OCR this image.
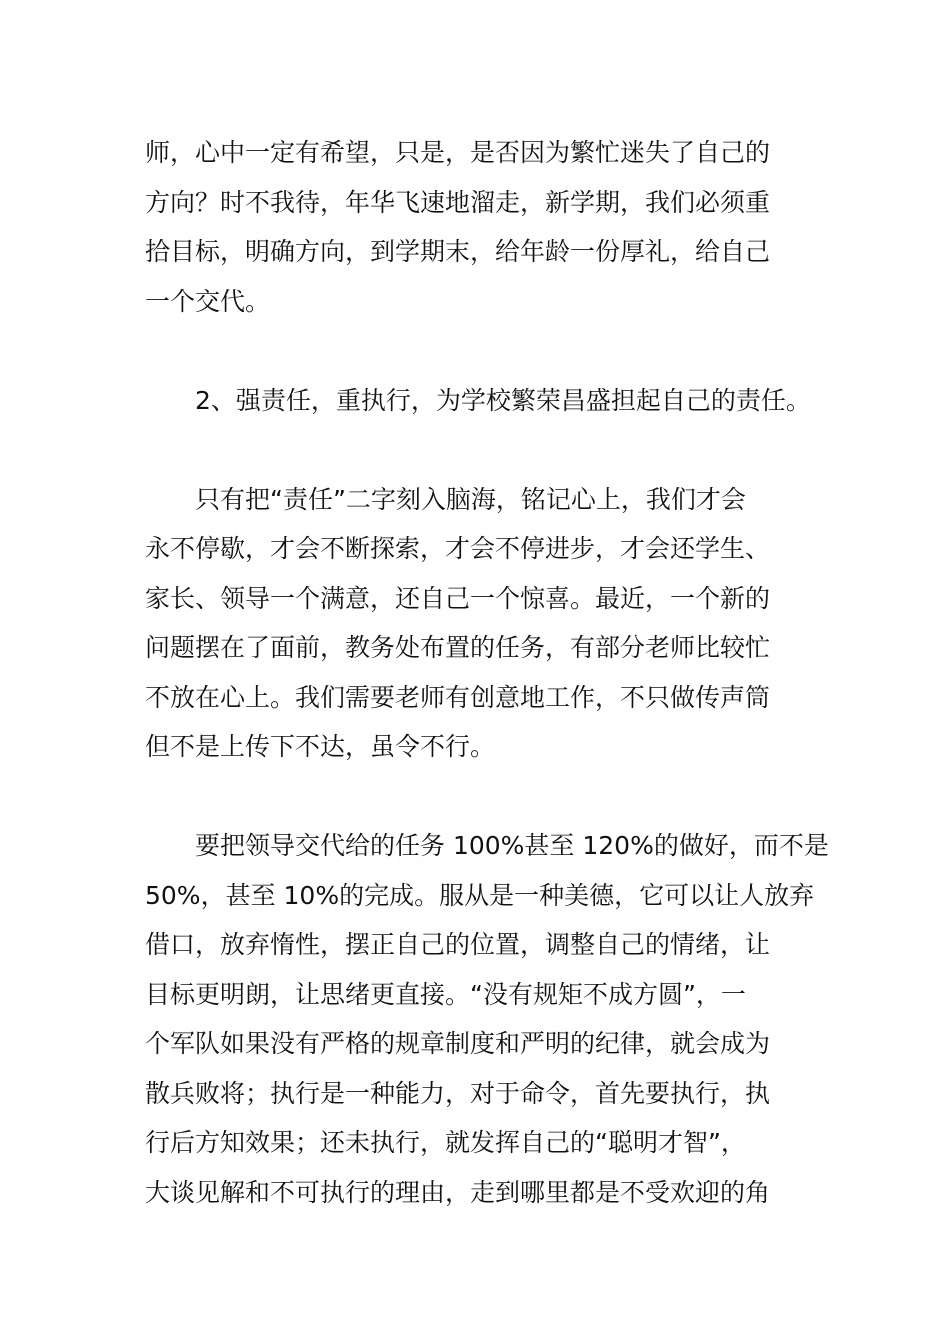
师，心中一定有希望，只是，是否因为繁忙迷失了自己的
方向？时不我待，年华飞速地溜走，新学期，我们必须重
拾目标，明确方向，到学期末，给年龄一份厚礼，给自己
一个交代。
　　2、强责任，重执行，为学校繁荣昌盛担起自己的责任。
　　只有把“责任”二字刻入脑海，铭记心上，我们才会
永不停歇，才会不断探索，才会不停进步，才会还学生、
家长、领导一个满意，还自己一个惊喜。最近，一个新的
问题摆在了面前，教务处布置的任务，有部分老师比较忙
不放在心上。我们需要老师有创意地工作，不只做传声筒
但不是上传下不达，虽令不行。
　　要把领导交代给的任务 100%甚至 120%的做好，而不是
50%，甚至 10%的完成。服从是一种美德，它可以让人放弃
借口，放弃惰性，摆正自己的位置，调整自己的情绪，让
目标更明朗，让思绪更直接。“没有规矩不成方圆”，一
个军队如果没有严格的规章制度和严明的纪律，就会成为
散兵败将；执行是一种能力，对于命令，首先要执行，执
行后方知效果；还未执行，就发挥自己的“聪明才智”，
大谈见解和不可执行的理由，走到哪里都是不受欢迎的角
